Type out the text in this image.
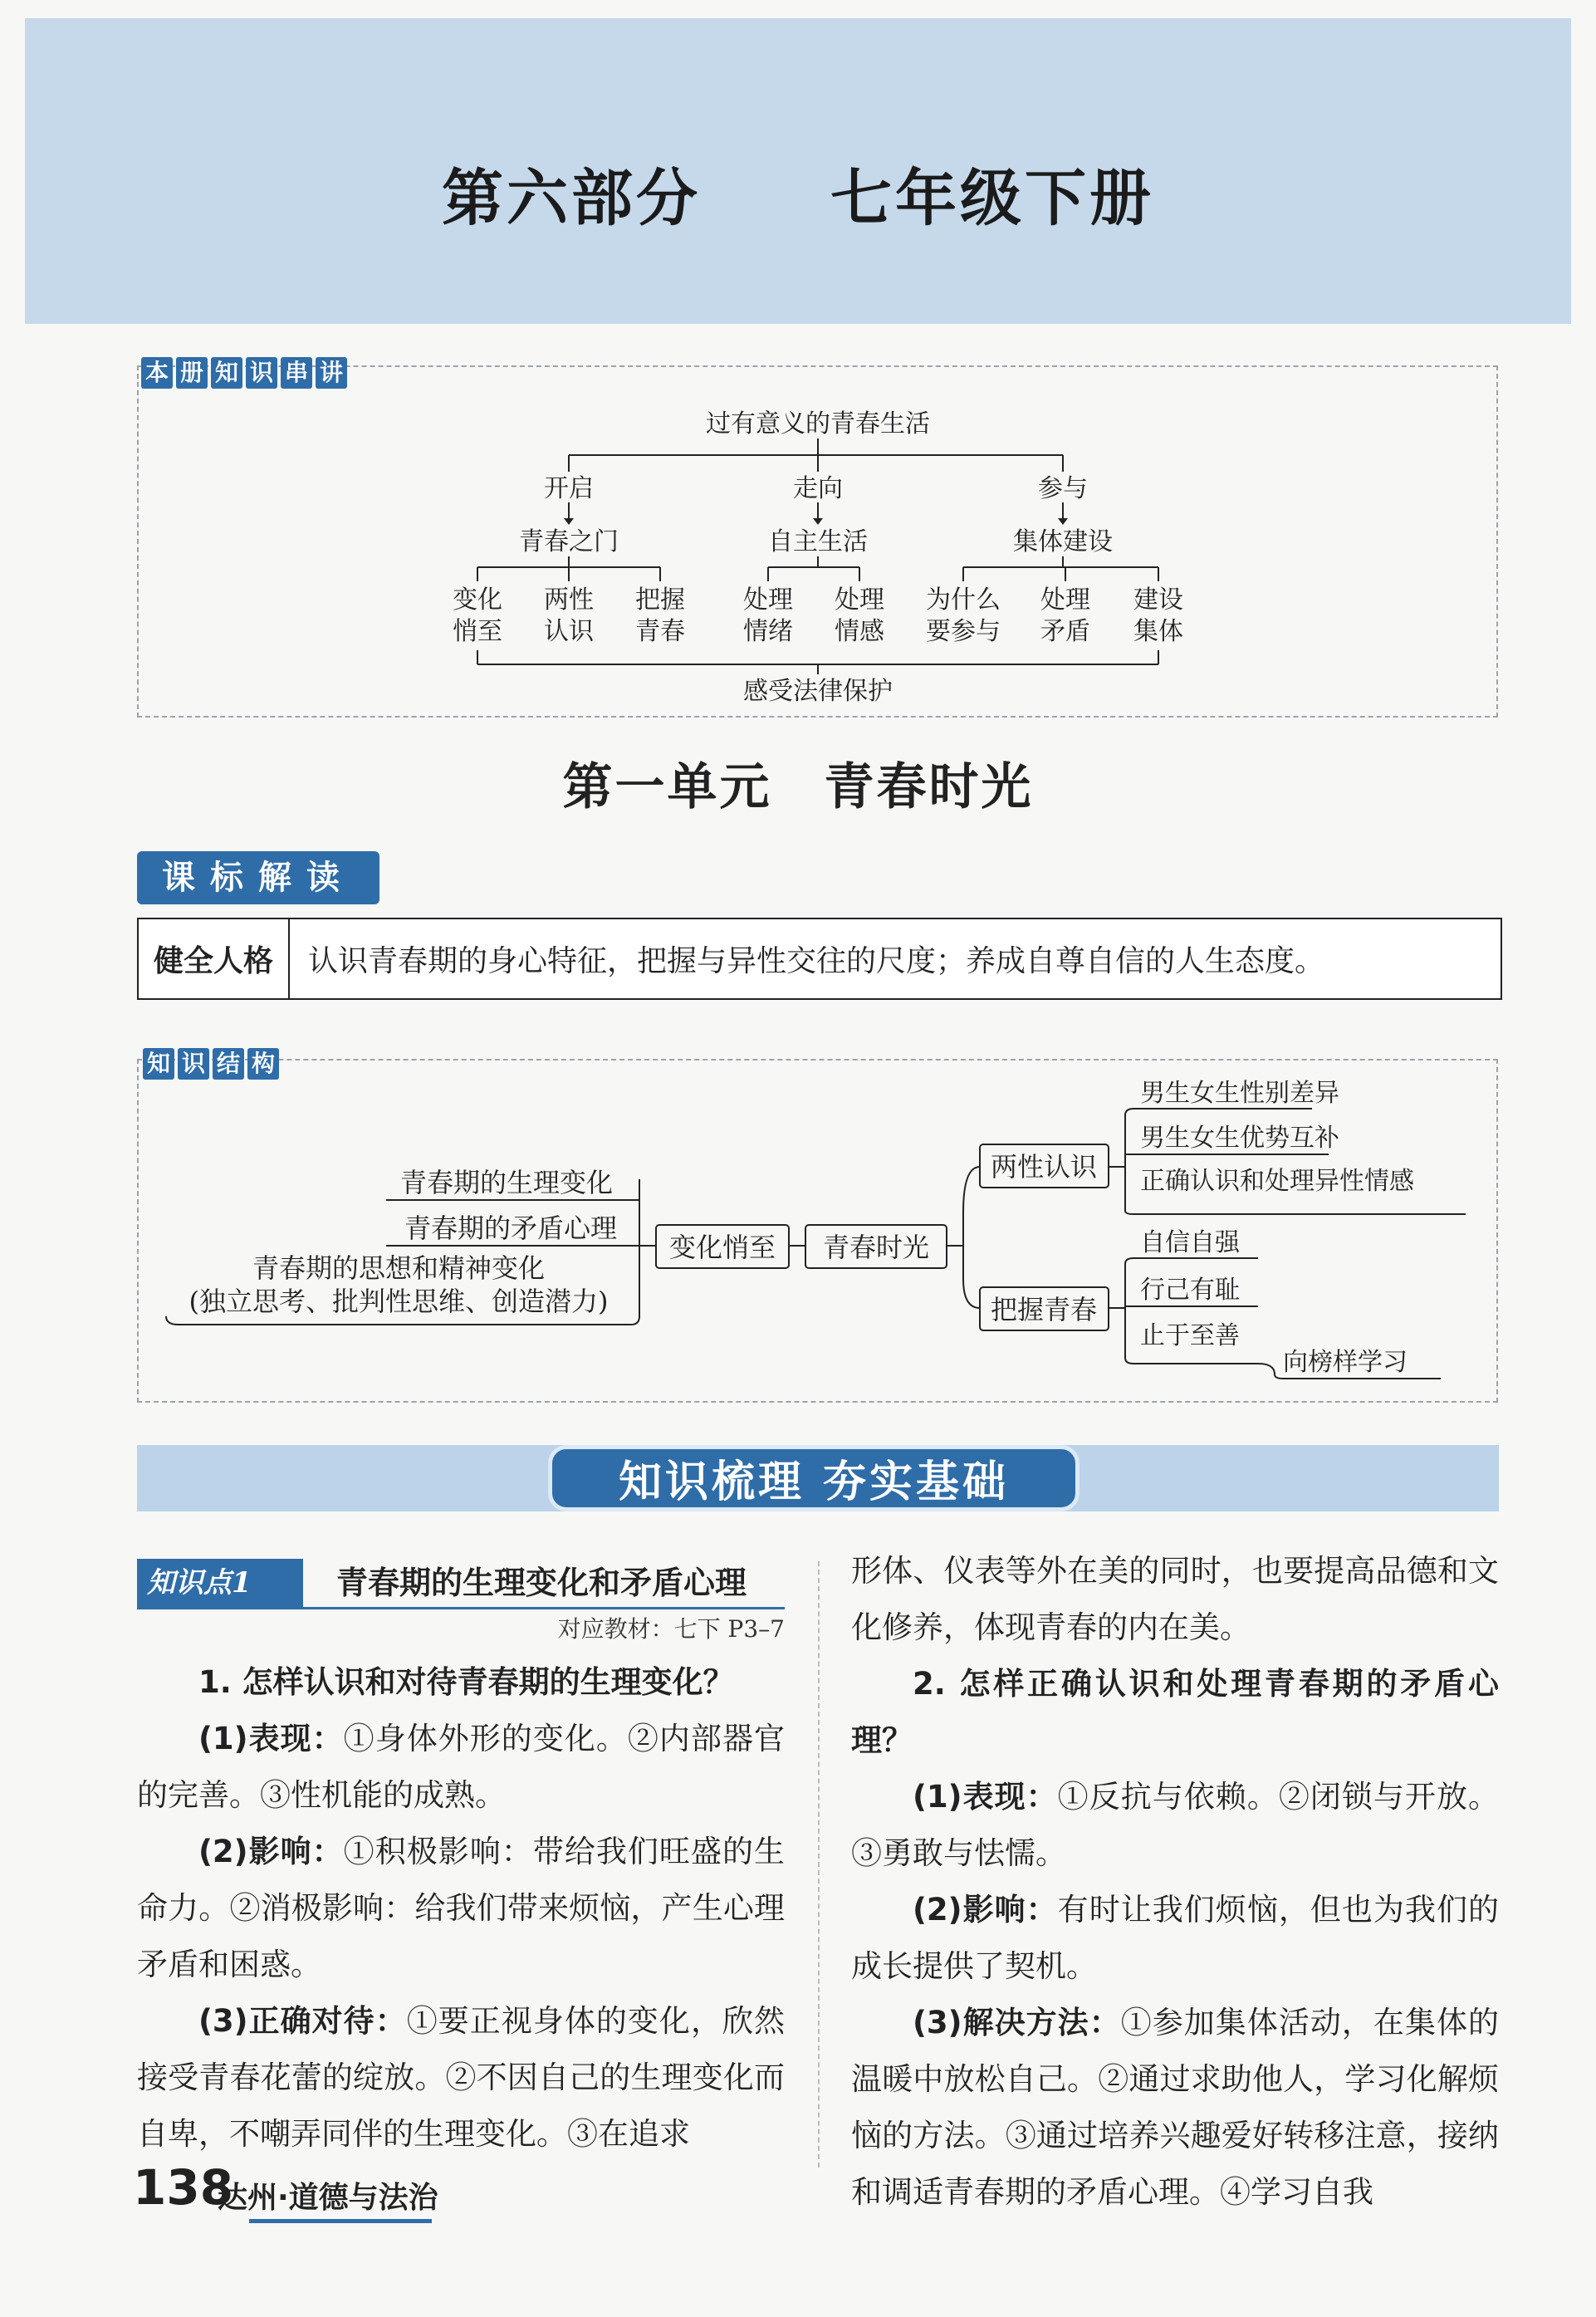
第六部分　　七年级下册
本 册 知 识 串 讲
过有意义的青春生活
开启	走向	参与
青春之门	自主生活	集体建设
变化
悄至
两性
认识
把握
青春
处理
情绪
处理
情感
为什么
要参与
处理
矛盾
建设
集体
感受法律保护
第一单元　青春时光
课标解读
健全人格	认识青春期的身心特征，把握与异性交往的尺度；养成自尊自信的人生态度。
知 识 结 构
青春期的生理变化
青春期的矛盾心理
青春期的思想和精神变化
(独立思考、批判性思维、创造潜力)
变化悄至 青春时光
两性认识
把握青春
男生女生性别差异
男生女生优势互补
正确认识和处理异性情感
自信自强
行己有耻
止于至善
向榜样学习
知识梳理 夯实基础
知识点1	青春期的生理变化和矛盾心理
对应教材：七下 P3–7

1. 怎样认识和对待青春期的生理变化？

(1)表现：①身体外形的变化。②内部器官的完善。③性机能的成熟。

(2)影响：①积极影响：带给我们旺盛的生命力。②消极影响：给我们带来烦恼，产生心理矛盾和困惑。

(3)正确对待：①要正视身体的变化，欣然接受青春花蕾的绽放。②不因自己的生理变化而自卑，不嘲弄同伴的生理变化。③在追求

形体、仪表等外在美的同时，也要提高品德和文化修养，体现青春的内在美。

2. 怎样正确认识和处理青春期的矛盾心理？

(1)表现：①反抗与依赖。②闭锁与开放。③勇敢与怯懦。

(2)影响：有时让我们烦恼，但也为我们的成长提供了契机。

(3)解决方法：①参加集体活动，在集体的温暖中放松自己。②通过求助他人，学习化解烦恼的方法。③通过培养兴趣爱好转移注意，接纳和调适青春期的矛盾心理。④学习自我

138
达州·道德与法治
